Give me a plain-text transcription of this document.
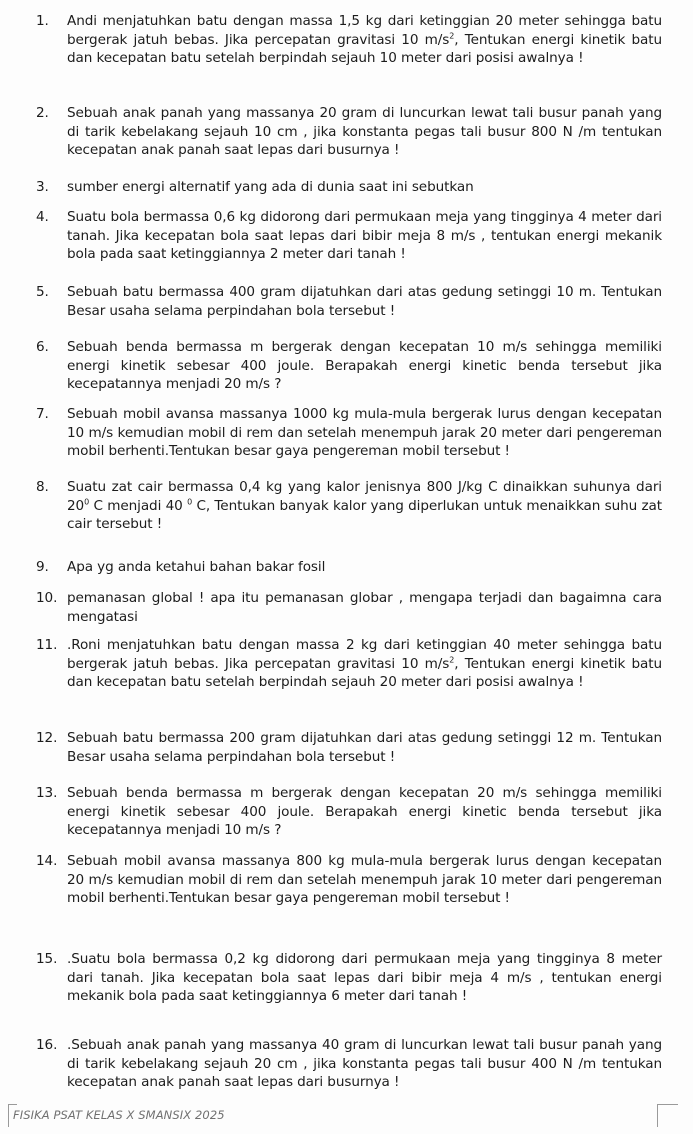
1.	Andi menjatuhkan batu dengan massa 1,5 kg dari ketinggian 20 meter sehingga batu bergerak jatuh bebas. Jika percepatan gravitasi 10 $m/s^2$, Tentukan energi kinetik batu dan kecepatan batu setelah berpindah sejauh 10 meter dari posisi awalnya !
2.	Sebuah anak panah yang massanya 20 gram di luncurkan lewat tali busur panah yang di tarik kebelakang sejauh 10 cm , jika konstanta pegas tali busur 800 N /m tentukan kecepatan anak panah saat lepas dari busurnya !
3.	sumber energi alternatif yang ada di dunia saat ini sebutkan
4.	Suatu bola bermassa 0,6 kg didorong dari permukaan meja yang tingginya 4 meter dari tanah. Jika kecepatan bola saat lepas dari bibir meja 8 m/s , tentukan energi mekanik bola pada saat ketinggiannya 2 meter dari tanah !
5.	Sebuah batu bermassa 400 gram dijatuhkan dari atas gedung setinggi 10 m. Tentukan Besar usaha selama perpindahan bola tersebut !
6.	Sebuah benda bermassa m bergerak dengan kecepatan 10 m/s sehingga memiliki energi kinetik sebesar 400 joule. Berapakah energi kinetic benda tersebut jika kecepatannya menjadi 20 m/s ?
7.	Sebuah mobil avansa massanya 1000 kg mula-mula bergerak lurus dengan kecepatan 10 m/s kemudian mobil di rem dan setelah menempuh jarak 20 meter dari pengereman mobil berhenti.Tentukan besar gaya pengereman mobil tersebut !
8.	Suatu zat cair bermassa 0,4 kg yang kalor jenisnya 800 J/kg C dinaikkan suhunya dari $20^0$ C menjadi 40 $^0$ C, Tentukan banyak kalor yang diperlukan untuk menaikkan suhu zat cair tersebut !
9.	Apa yg anda ketahui bahan bakar fosil
10. pemanasan global ! apa itu pemanasan globar , mengapa terjadi dan bagaimna cara mengatasi
11. .Roni menjatuhkan batu dengan massa 2 kg dari ketinggian 40 meter sehingga batu bergerak jatuh bebas. Jika percepatan gravitasi 10 $m/s^2$, Tentukan energi kinetik batu dan kecepatan batu setelah berpindah sejauh 20 meter dari posisi awalnya !
12. Sebuah batu bermassa 200 gram dijatuhkan dari atas gedung setinggi 12 m. Tentukan Besar usaha selama perpindahan bola tersebut !
13. Sebuah benda bermassa m bergerak dengan kecepatan 20 m/s sehingga memiliki energi kinetik sebesar 400 joule. Berapakah energi kinetic benda tersebut jika kecepatannya menjadi 10 m/s ?
14. Sebuah mobil avansa massanya 800 kg mula-mula bergerak lurus dengan kecepatan 20 m/s kemudian mobil di rem dan setelah menempuh jarak 10 meter dari pengereman mobil berhenti.Tentukan besar gaya pengereman mobil tersebut !
15. .Suatu bola bermassa 0,2 kg didorong dari permukaan meja yang tingginya 8 meter dari tanah. Jika kecepatan bola saat lepas dari bibir meja 4 m/s , tentukan energi mekanik bola pada saat ketinggiannya 6 meter dari tanah !
16. .Sebuah anak panah yang massanya 40 gram di luncurkan lewat tali busur panah yang di tarik kebelakang sejauh 20 cm , jika konstanta pegas tali busur 400 N /m tentukan kecepatan anak panah saat lepas dari busurnya !
FISIKA PSAT KELAS X SMANSIX 2025
